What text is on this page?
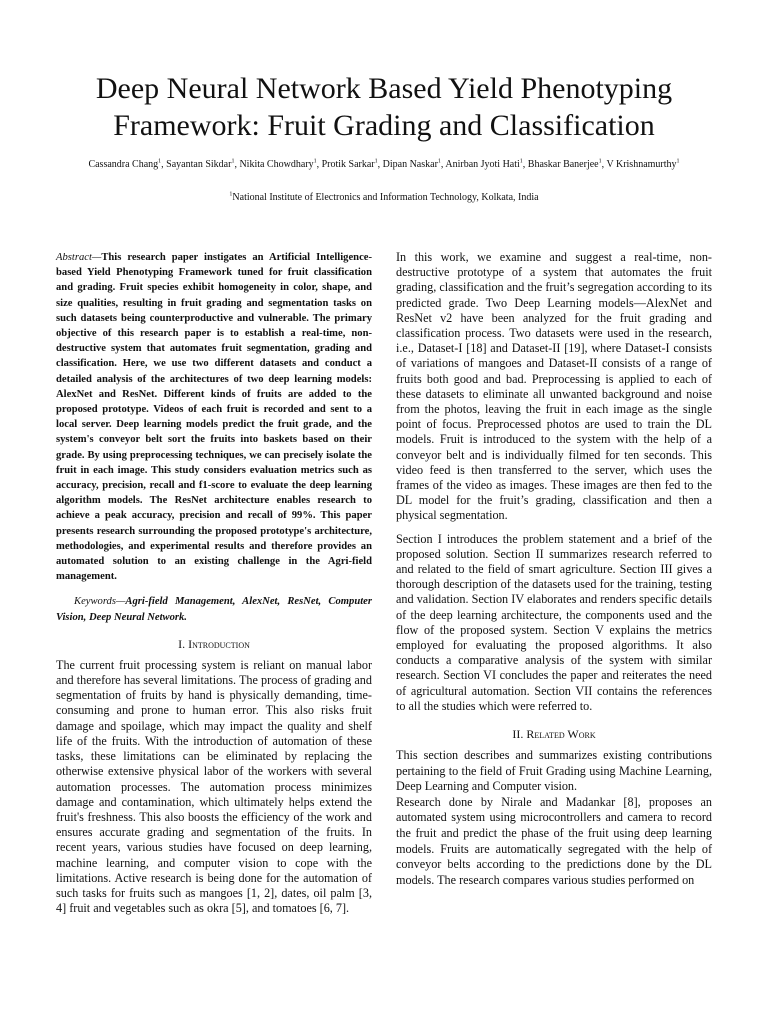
Deep Neural Network Based Yield Phenotyping Framework: Fruit Grading and Classification
Cassandra Chang$^1$, Sayantan Sikdar$^1$, Nikita Chowdhary$^1$, Protik Sarkar$^1$, Dipan Naskar$^1$, Anirban Jyoti Hati$^1$, Bhaskar Banerjee$^1$, V Krishnamurthy$^1$
$^1$National Institute of Electronics and Information Technology, Kolkata, India

Abstract—This research paper instigates an Artificial Intelligence-based Yield Phenotyping Framework tuned for fruit classification and grading. Fruit species exhibit homogeneity in color, shape, and size qualities, resulting in fruit grading and segmentation tasks on such datasets being counterproductive and vulnerable. The primary objective of this research paper is to establish a real-time, non-destructive system that automates fruit segmentation, grading and classification. Here, we use two different datasets and conduct a detailed analysis of the architectures of two deep learning models: AlexNet and ResNet. Different kinds of fruits are added to the proposed prototype. Videos of each fruit is recorded and sent to a local server. Deep learning models predict the fruit grade, and the system's conveyor belt sort the fruits into baskets based on their grade. By using preprocessing techniques, we can precisely isolate the fruit in each image. This study considers evaluation metrics such as accuracy, precision, recall and f1-score to evaluate the deep learning algorithm models. The ResNet architecture enables research to achieve a peak accuracy, precision and recall of 99%. This paper presents research surrounding the proposed prototype's architecture, methodologies, and experimental results and therefore provides an automated solution to an existing challenge in the Agri-field management.

Keywords—Agri-field Management, AlexNet, ResNet, Computer Vision, Deep Neural Network.

I. Introduction

The current fruit processing system is reliant on manual labor and therefore has several limitations. The process of grading and segmentation of fruits by hand is physically demanding, time-consuming and prone to human error. This also risks fruit damage and spoilage, which may impact the quality and shelf life of the fruits. With the introduction of automation of these tasks, these limitations can be eliminated by replacing the otherwise extensive physical labor of the workers with several automation processes. The automation process minimizes damage and contamination, which ultimately helps extend the fruit's freshness. This also boosts the efficiency of the work and ensures accurate grading and segmentation of the fruits. In recent years, various studies have focused on deep learning, machine learning, and computer vision to cope with the limitations. Active research is being done for the automation of such tasks for fruits such as mangoes [1, 2], dates, oil palm [3, 4] fruit and vegetables such as okra [5], and tomatoes [6, 7].

In this work, we examine and suggest a real-time, non-destructive prototype of a system that automates the fruit grading, classification and the fruit’s segregation according to its predicted grade. Two Deep Learning models—AlexNet and ResNet v2 have been analyzed for the fruit grading and classification process. Two datasets were used in the research, i.e., Dataset-I [18] and Dataset-II [19], where Dataset-I consists of variations of mangoes and Dataset-II consists of a range of fruits both good and bad. Preprocessing is applied to each of these datasets to eliminate all unwanted background and noise from the photos, leaving the fruit in each image as the single point of focus. Preprocessed photos are used to train the DL models. Fruit is introduced to the system with the help of a conveyor belt and is individually filmed for ten seconds. This video feed is then transferred to the server, which uses the frames of the video as images. These images are then fed to the DL model for the fruit’s grading, classification and then a physical segmentation.

Section I introduces the problem statement and a brief of the proposed solution. Section II summarizes research referred to and related to the field of smart agriculture. Section III gives a thorough description of the datasets used for the training, testing and validation. Section IV elaborates and renders specific details of the deep learning architecture, the components used and the flow of the proposed system. Section V explains the metrics employed for evaluating the proposed algorithms. It also conducts a comparative analysis of the system with similar research. Section VI concludes the paper and reiterates the need of agricultural automation. Section VII contains the references to all the studies which were referred to.

II. Related Work

This section describes and summarizes existing contributions pertaining to the field of Fruit Grading using Machine Learning, Deep Learning and Computer vision.

Research done by Nirale and Madankar [8], proposes an automated system using microcontrollers and camera to record the fruit and predict the phase of the fruit using deep learning models. Fruits are automatically segregated with the help of conveyor belts according to the predictions done by the DL models. The research compares various studies performed on
